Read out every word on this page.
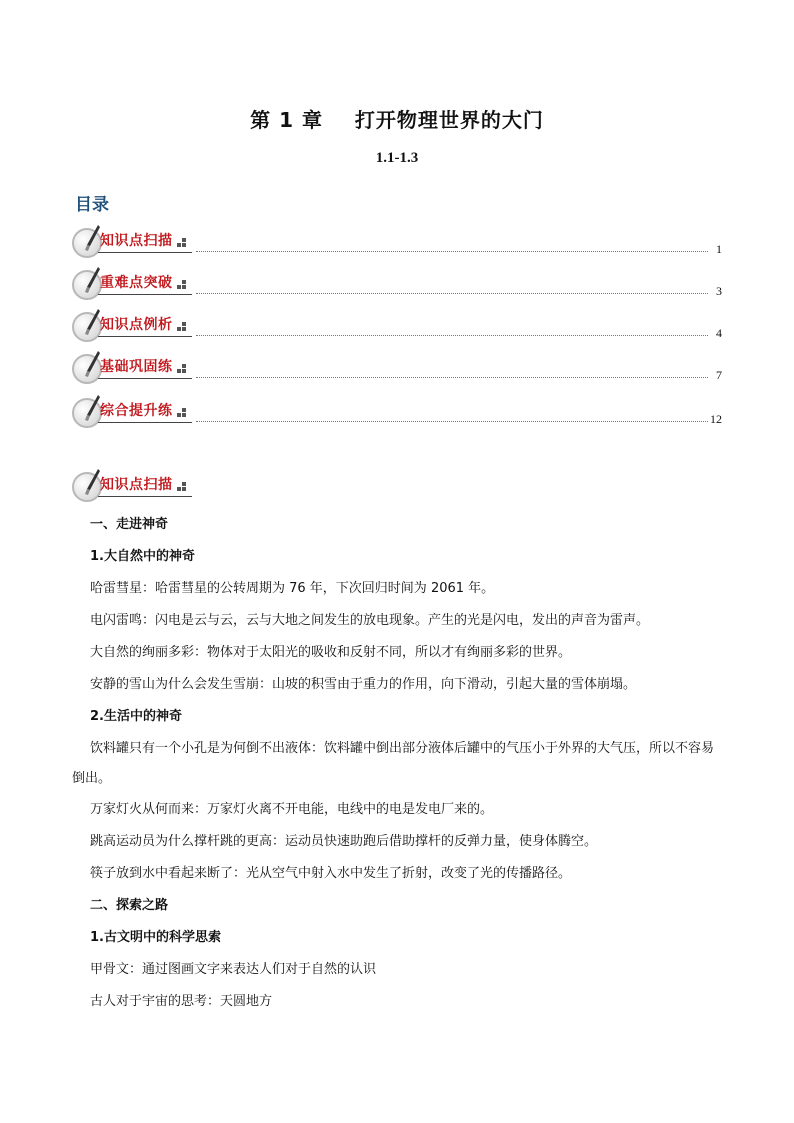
第 1 章    打开物理世界的大门
1.1-1.3
目录
知识点扫描	1
重难点突破	3
知识点例析	4
基础巩固练	7
综合提升练	12
知识点扫描
一、走进神奇
1.大自然中的神奇
哈雷彗星：哈雷彗星的公转周期为 76 年，下次回归时间为 2061 年。
电闪雷鸣：闪电是云与云，云与大地之间发生的放电现象。产生的光是闪电，发出的声音为雷声。
大自然的绚丽多彩：物体对于太阳光的吸收和反射不同，所以才有绚丽多彩的世界。
安静的雪山为什么会发生雪崩：山坡的积雪由于重力的作用，向下滑动，引起大量的雪体崩塌。
2.生活中的神奇
饮料罐只有一个小孔是为何倒不出液体：饮料罐中倒出部分液体后罐中的气压小于外界的大气压，所以不容易倒出。
万家灯火从何而来：万家灯火离不开电能，电线中的电是发电厂来的。
跳高运动员为什么撑杆跳的更高：运动员快速助跑后借助撑杆的反弹力量，使身体腾空。
筷子放到水中看起来断了：光从空气中射入水中发生了折射，改变了光的传播路径。
二、探索之路
1.古文明中的科学思索
甲骨文：通过图画文字来表达人们对于自然的认识
古人对于宇宙的思考：天圆地方
